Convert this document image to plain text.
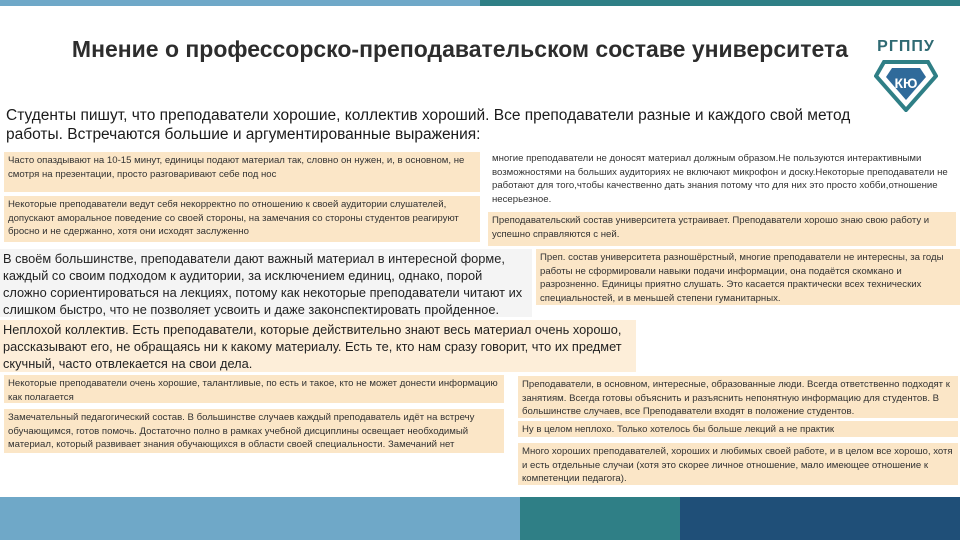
Мнение о профессорско-преподавательском составе университета	РГППУ
КЮ
Студенты пишут, что преподаватели хорошие, коллектив хороший. Все преподаватели разные и каждого свой метод работы. Встречаются большие и аргументированные выражения:
Часто опаздывают на 10-15 минут, единицы подают материал так, словно он нужен, и, в основном, не смотря на презентации, просто разговаривают себе под нос
многие преподаватели не доносят материал должным образом.Не пользуются интерактивными возможностями на больших аудиториях не включают микрофон и доску.Некоторые преподаватели не работают для того,чтобы качественно дать знания потому что для них это просто хобби,отношение несерьезное.
Некоторые преподаватели ведут себя некорректно по отношению к своей аудитории слушателей, допускают аморальное поведение со своей стороны, на замечания со стороны студентов реагируют бросно и не сдержанно, хотя они исходят заслуженно
Преподавательский состав университета устраивает. Преподаватели хорошо знаю свою работу и успешно справляются с ней.
В своём большинстве, преподаватели дают важный материал в интересной форме, каждый со своим подходом к аудитории, за исключением единиц, однако, порой сложно сориентироваться на лекциях, потому как некоторые преподаватели читают их слишком быстро, что не позволяет усвоить и даже законспектировать пройденное.
Преп. состав университета разношёрстный, многие преподаватели не интересны, за годы работы не сформировали навыки подачи информации, она подаётся скомкано и разрозненно. Единицы приятно слушать. Это касается практически всех технических специальностей, и в меньшей степени гуманитарных.
Неплохой коллектив. Есть преподаватели, которые действительно знают весь материал очень хорошо, рассказывают его, не обращаясь ни к какому материалу. Есть те, кто нам сразу говорит, что их предмет скучный, часто отвлекается на свои дела.
Некоторые преподаватели очень хорошие, талантливые, по есть и такое, кто не может донести информацию как полагается
Преподаватели, в основном, интересные, образованные люди. Всегда ответственно подходят к занятиям. Всегда готовы объяснить и разъяснить непонятную информацию для студентов. В большинстве случаев, все Преподаватели входят в положение студентов.
Замечательный педагогический состав. В большинстве случаев каждый преподаватель идёт на встречу обучающимся, готов помочь. Достаточно полно в рамках учебной дисциплины освещает необходимый материал, который развивает знания обучающихся в области своей специальности. Замечаний нет
Ну в целом неплохо. Только хотелось бы больше лекций а не практик
Много хороших преподавателей, хороших и любимых своей работе, и в целом все хорошо, хотя и есть отдельные случаи (хотя это скорее личное отношение, мало имеющее отношение к компетенции педагога).
